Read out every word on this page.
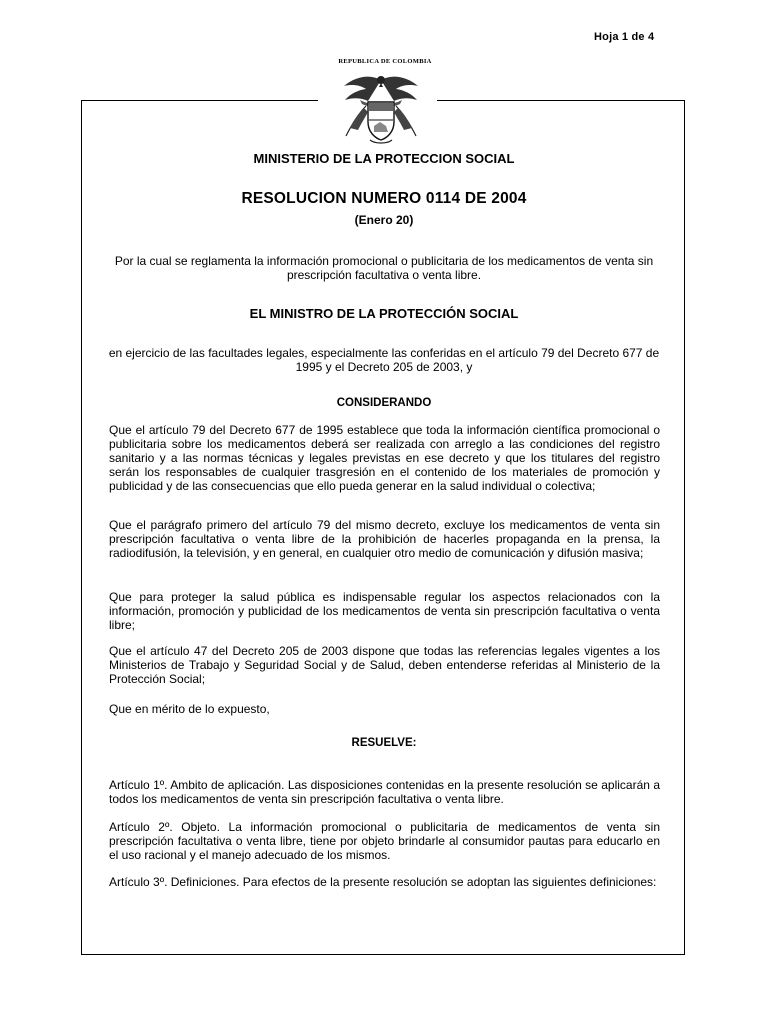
Hoja 1 de 4
REPUBLICA DE COLOMBIA
MINISTERIO DE LA PROTECCION SOCIAL
RESOLUCION NUMERO 0114 DE 2004
(Enero 20)
Por la cual se reglamenta la información promocional o publicitaria de los medicamentos de venta sin prescripción facultativa o venta libre.
EL MINISTRO DE LA PROTECCIÓN SOCIAL
en ejercicio de las facultades legales, especialmente las conferidas en el artículo 79 del Decreto 677 de 1995 y el Decreto 205 de 2003, y
CONSIDERANDO
Que el artículo 79 del Decreto 677 de 1995 establece que toda la información científica promocional o publicitaria sobre los medicamentos deberá ser realizada con arreglo a las condiciones del registro sanitario y a las normas técnicas y legales previstas en ese decreto y que los titulares del registro serán los responsables de cualquier trasgresión en el contenido de los materiales de promoción y publicidad y de las consecuencias que ello pueda generar en la salud individual o colectiva;
Que el parágrafo primero del artículo 79 del mismo decreto, excluye los medicamentos de venta sin prescripción facultativa o venta libre de la prohibición de hacerles propaganda en la prensa, la radiodifusión, la televisión, y en general, en cualquier otro medio de comunicación y difusión masiva;
Que para proteger la salud pública es indispensable regular los aspectos relacionados con la información, promoción y publicidad de los medicamentos de venta sin prescripción facultativa o venta libre;
Que el artículo 47 del Decreto 205 de 2003 dispone que todas las referencias legales vigentes a los Ministerios de Trabajo y Seguridad Social y de Salud, deben entenderse referidas al Ministerio de la Protección Social;
Que en mérito de lo expuesto,
RESUELVE:
Artículo 1º. Ambito de aplicación. Las disposiciones contenidas en la presente resolución se aplicarán a todos los medicamentos de venta sin prescripción facultativa o venta libre.
Artículo 2º. Objeto. La información promocional o publicitaria de medicamentos de venta sin prescripción facultativa o venta libre, tiene por objeto brindarle al consumidor pautas para educarlo en el uso racional y el manejo adecuado de los mismos.
Artículo 3º. Definiciones. Para efectos de la presente resolución se adoptan las siguientes definiciones:
